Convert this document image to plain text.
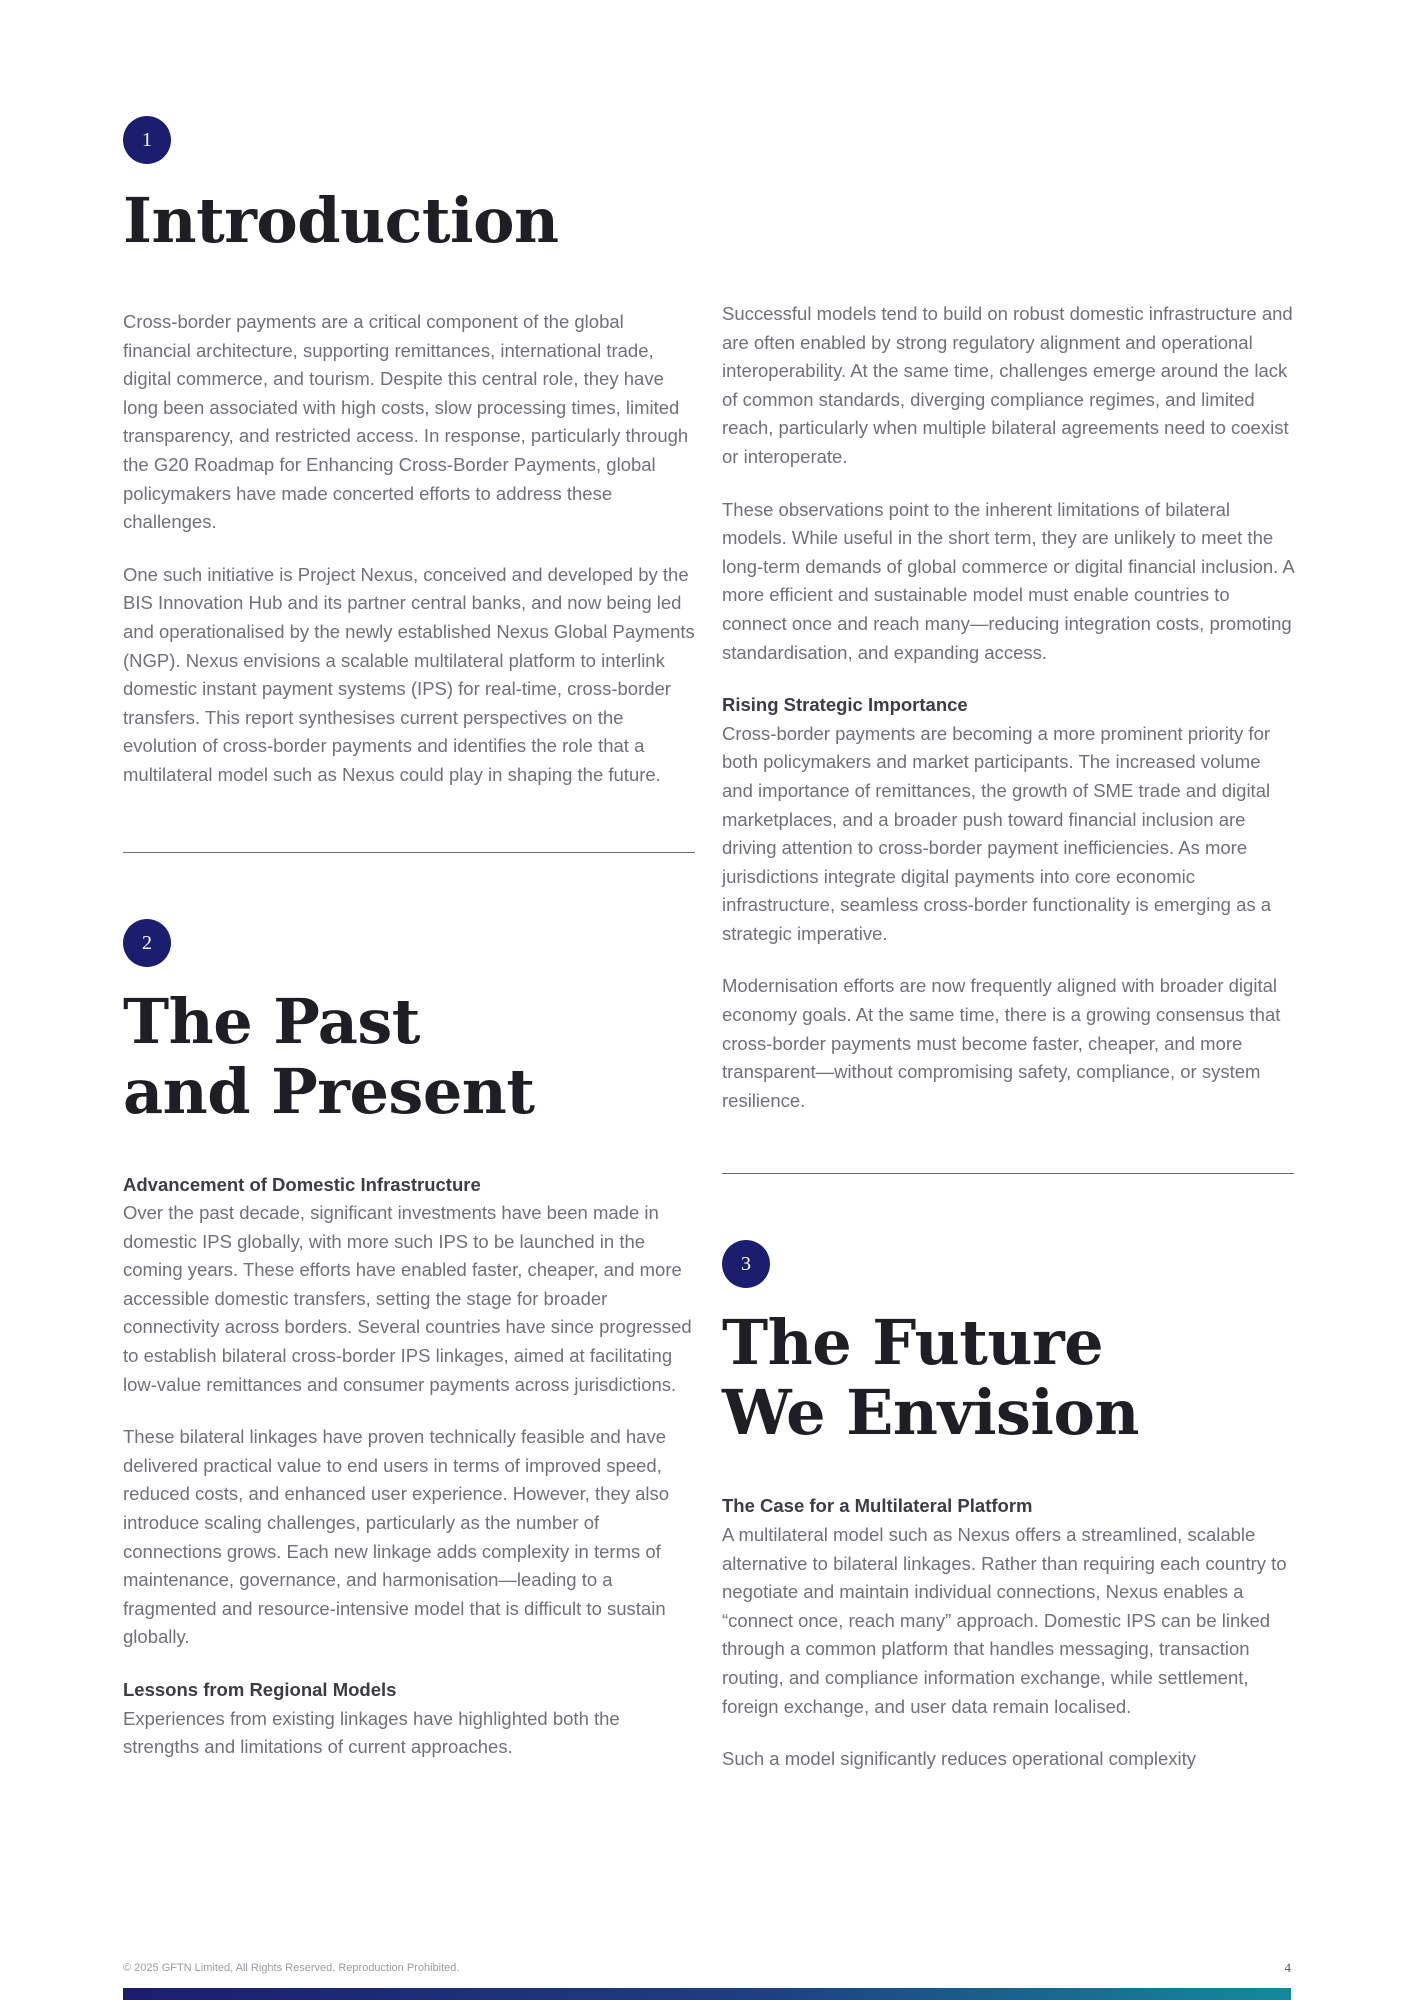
1
Introduction

Cross-border payments are a critical component of the global financial architecture, supporting remittances, international trade, digital commerce, and tourism. Despite this central role, they have long been associated with high costs, slow processing times, limited transparency, and restricted access. In response, particularly through the G20 Roadmap for Enhancing Cross-Border Payments, global policymakers have made concerted efforts to address these challenges.

One such initiative is Project Nexus, conceived and developed by the BIS Innovation Hub and its partner central banks, and now being led and operationalised by the newly established Nexus Global Payments (NGP). Nexus envisions a scalable multilateral platform to interlink domestic instant payment systems (IPS) for real-time, cross-border transfers. This report synthesises current perspectives on the evolution of cross-border payments and identifies the role that a multilateral model such as Nexus could play in shaping the future.

2
The Past
and Present

Advancement of Domestic Infrastructure

Over the past decade, significant investments have been made in domestic IPS globally, with more such IPS to be launched in the coming years. These efforts have enabled faster, cheaper, and more accessible domestic transfers, setting the stage for broader connectivity across borders. Several countries have since progressed to establish bilateral cross-border IPS linkages, aimed at facilitating low-value remittances and consumer payments across jurisdictions.

These bilateral linkages have proven technically feasible and have delivered practical value to end users in terms of improved speed, reduced costs, and enhanced user experience. However, they also introduce scaling challenges, particularly as the number of connections grows. Each new linkage adds complexity in terms of maintenance, governance, and harmonisation—leading to a fragmented and resource-intensive model that is difficult to sustain globally.

Lessons from Regional Models

Experiences from existing linkages have highlighted both the strengths and limitations of current approaches.

Successful models tend to build on robust domestic infrastructure and are often enabled by strong regulatory alignment and operational interoperability. At the same time, challenges emerge around the lack of common standards, diverging compliance regimes, and limited reach, particularly when multiple bilateral agreements need to coexist or interoperate.

These observations point to the inherent limitations of bilateral models. While useful in the short term, they are unlikely to meet the long-term demands of global commerce or digital financial inclusion. A more efficient and sustainable model must enable countries to connect once and reach many—reducing integration costs, promoting standardisation, and expanding access.

Rising Strategic Importance

Cross-border payments are becoming a more prominent priority for both policymakers and market participants. The increased volume and importance of remittances, the growth of SME trade and digital marketplaces, and a broader push toward financial inclusion are driving attention to cross-border payment inefficiencies. As more jurisdictions integrate digital payments into core economic infrastructure, seamless cross-border functionality is emerging as a strategic imperative.

Modernisation efforts are now frequently aligned with broader digital economy goals. At the same time, there is a growing consensus that cross-border payments must become faster, cheaper, and more transparent—without compromising safety, compliance, or system resilience.

3
The Future
We Envision

The Case for a Multilateral Platform

A multilateral model such as Nexus offers a streamlined, scalable alternative to bilateral linkages. Rather than requiring each country to negotiate and maintain individual connections, Nexus enables a “connect once, reach many” approach. Domestic IPS can be linked through a common platform that handles messaging, transaction routing, and compliance information exchange, while settlement, foreign exchange, and user data remain localised.

Such a model significantly reduces operational complexity

© 2025 GFTN Limited, All Rights Reserved. Reproduction Prohibited.	4
